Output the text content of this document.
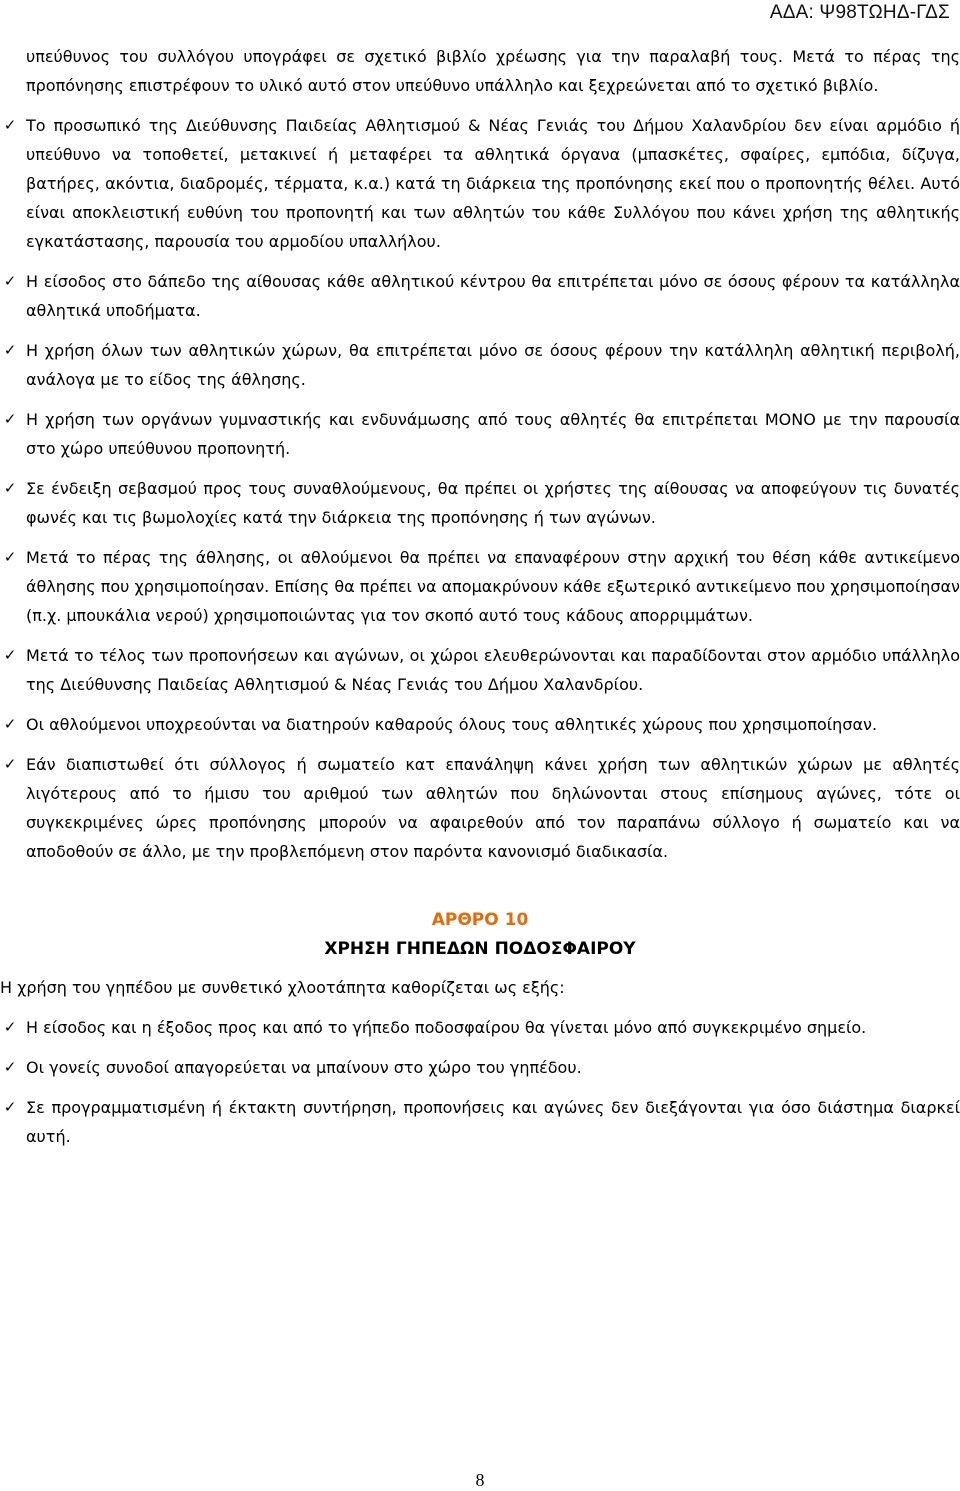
ΑΔΑ: Ψ98ΤΩΗΔ-ΓΔΣ
υπεύθυνος του συλλόγου υπογράφει σε σχετικό βιβλίο χρέωσης για την παραλαβή τους. Μετά το πέρας της προπόνησης επιστρέφουν το υλικό αυτό στον υπεύθυνο υπάλληλο και ξεχρεώνεται από το σχετικό βιβλίο.
✓ Το προσωπικό της Διεύθυνσης Παιδείας Αθλητισμού & Νέας Γενιάς του Δήμου Χαλανδρίου δεν είναι αρμόδιο ή υπεύθυνο να τοποθετεί, μετακινεί ή μεταφέρει τα αθλητικά όργανα (μπασκέτες, σφαίρες, εμπόδια, δίζυγα, βατήρες, ακόντια, διαδρομές, τέρματα, κ.α.) κατά τη διάρκεια της προπόνησης εκεί που ο προπονητής θέλει. Αυτό είναι αποκλειστική ευθύνη του προπονητή και των αθλητών του κάθε Συλλόγου που κάνει χρήση της αθλητικής εγκατάστασης, παρουσία του αρμοδίου υπαλλήλου.
✓ Η είσοδος στο δάπεδο της αίθουσας κάθε αθλητικού κέντρου θα επιτρέπεται μόνο σε όσους φέρουν τα κατάλληλα αθλητικά υποδήματα.
✓ Η χρήση όλων των αθλητικών χώρων, θα επιτρέπεται μόνο σε όσους φέρουν την κατάλληλη αθλητική περιβολή, ανάλογα με το είδος της άθλησης.
✓ Η χρήση των οργάνων γυμναστικής και ενδυνάμωσης από τους αθλητές θα επιτρέπεται ΜΟΝΟ με την παρουσία στο χώρο υπεύθυνου προπονητή.
✓ Σε ένδειξη σεβασμού προς τους συναθλούμενους, θα πρέπει οι χρήστες της αίθουσας να αποφεύγουν τις δυνατές φωνές και τις βωμολοχίες κατά την διάρκεια της προπόνησης ή των αγώνων.
✓ Μετά το πέρας της άθλησης, οι αθλούμενοι θα πρέπει να επαναφέρουν στην αρχική του θέση κάθε αντικείμενο άθλησης που χρησιμοποίησαν. Επίσης θα πρέπει να απομακρύνουν κάθε εξωτερικό αντικείμενο που χρησιμοποίησαν (π.χ. μπουκάλια νερού) χρησιμοποιώντας για τον σκοπό αυτό τους κάδους απορριμμάτων.
✓ Μετά το τέλος των προπονήσεων και αγώνων, οι χώροι ελευθερώνονται και παραδίδονται στον αρμόδιο υπάλληλο της Διεύθυνσης Παιδείας Αθλητισμού & Νέας Γενιάς του Δήμου Χαλανδρίου.
✓ Οι αθλούμενοι υποχρεούνται να διατηρούν καθαρούς όλους τους αθλητικές χώρους που χρησιμοποίησαν.
✓ Εάν διαπιστωθεί ότι σύλλογος ή σωματείο κατ επανάληψη κάνει χρήση των αθλητικών χώρων με αθλητές λιγότερους από το ήμισυ του αριθμού των αθλητών που δηλώνονται στους επίσημους αγώνες, τότε οι συγκεκριμένες ώρες προπόνησης μπορούν να αφαιρεθούν από τον παραπάνω σύλλογο ή σωματείο και να αποδοθούν σε άλλο, με την προβλεπόμενη στον παρόντα κανονισμό διαδικασία.
ΑΡΘΡΟ 10
ΧΡΗΣΗ ΓΗΠΕΔΩΝ ΠΟΔΟΣΦΑΙΡΟΥ
Η χρήση του γηπέδου με συνθετικό χλοοτάπητα καθορίζεται ως εξής:
✓ Η είσοδος και η έξοδος προς και από το γήπεδο ποδοσφαίρου θα γίνεται μόνο από συγκεκριμένο σημείο.
✓ Οι γονείς συνοδοί απαγορεύεται να μπαίνουν στο χώρο του γηπέδου.
✓ Σε προγραμματισμένη ή έκτακτη συντήρηση, προπονήσεις και αγώνες δεν διεξάγονται για όσο διάστημα διαρκεί αυτή.
8
